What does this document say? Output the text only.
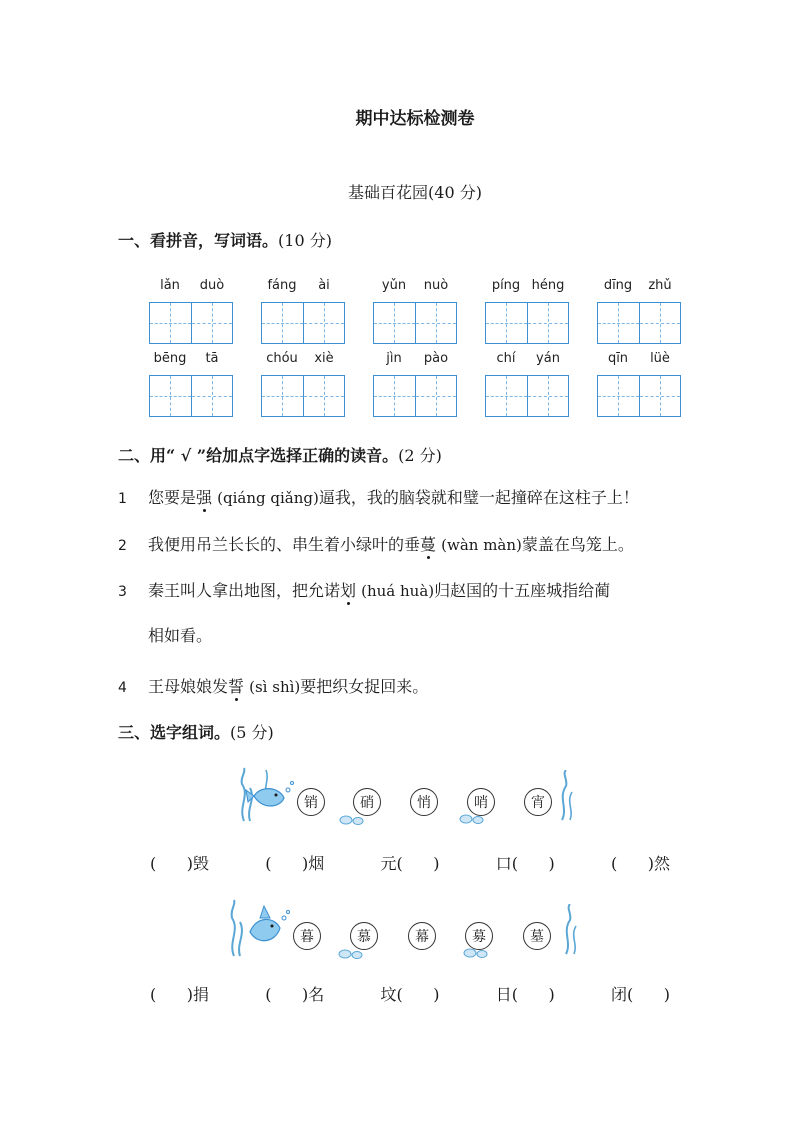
期中达标检测卷
基础百花园(40 分)
一、看拼音，写词语。(10 分)
lǎn	duò	fáng	ài	yǔn	nuò	píng héng	dīng	zhǔ
bēng	tā	chóu	xiè	jìn	pào	chí	yán	qīn	lüè
二、用“ √ ”给加点字选择正确的读音。(2 分)
1 您要是强 (qiáng qiǎng)逼我，我的脑袋就和璧一起撞碎在这柱子上！
2 我便用吊兰长长的、串生着小绿叶的垂蔓 (wàn màn)蒙盖在鸟笼上。
3 秦王叫人拿出地图，把允诺划 (huá huà)归赵国的十五座城指给蔺
相如看。
4 王母娘娘发誓 (sì shì)要把织女捉回来。
三、选字组词。(5 分)
销	硝	悄	哨	宵
(      )毁	(      )烟	元(      )	口(      )	(      )然
暮	慕	幕	募	墓
(      )捐	(      )名	坟(      )	日(      )	闭(      )
